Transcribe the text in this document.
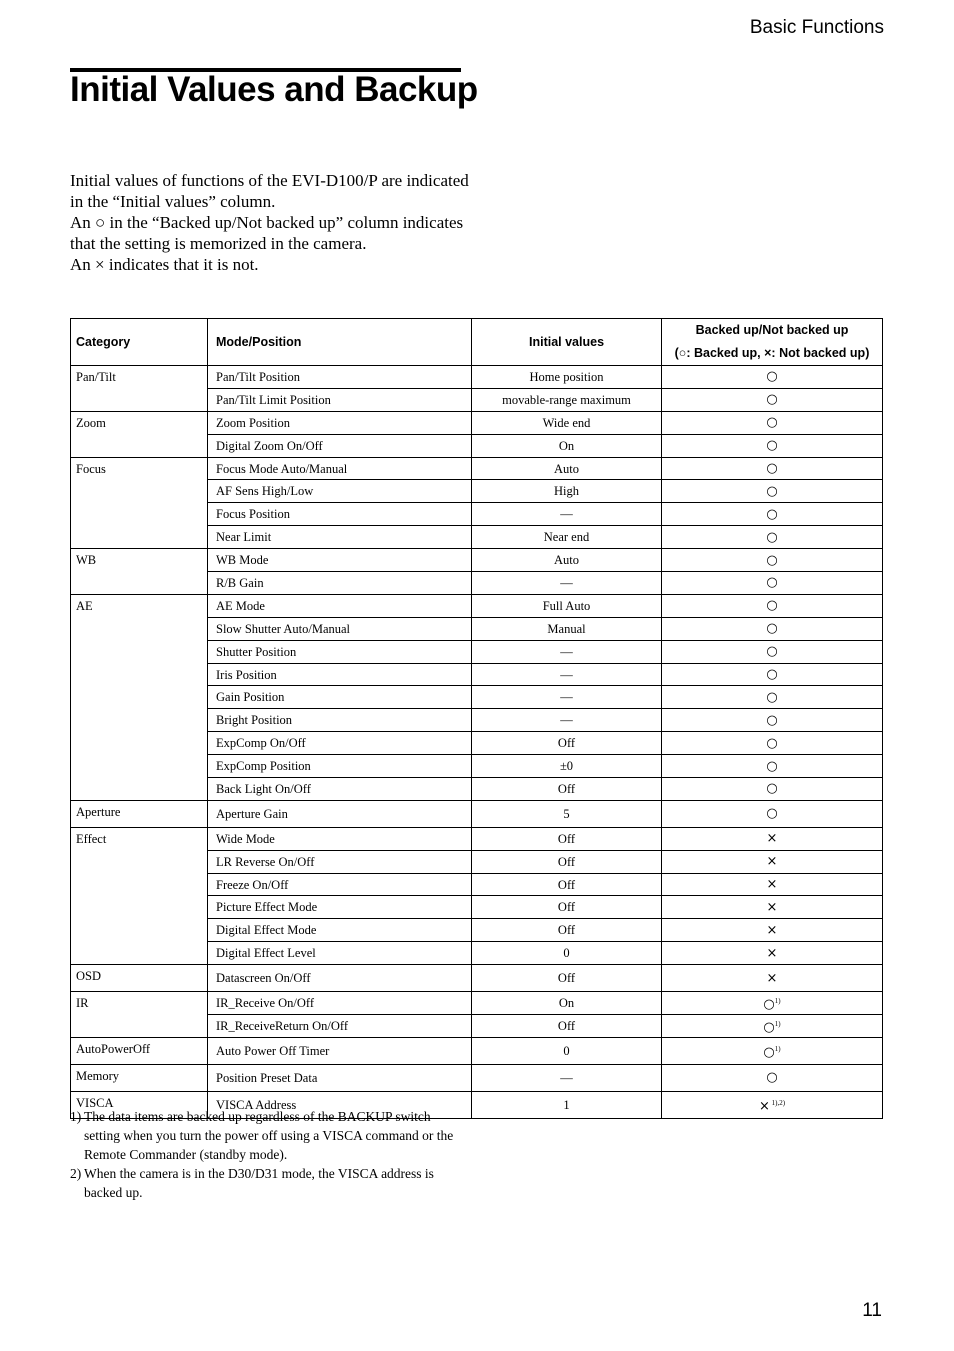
Basic Functions
Initial Values and Backup

Initial values of functions of the EVI-D100/P are indicated in the “Initial values” column.

An ○ in the “Backed up/Not backed up” column indicates that the setting is memorized in the camera.

An × indicates that it is not.

Category	Mode/Position	Initial values	Backed up/Not backed up
(○: Backed up, ×: Not backed up)

Pan/Tilt	Pan/Tilt Position	Home position	○
	Pan/Tilt Limit Position	movable-range maximum	○
Zoom	Zoom Position	Wide end	○
	Digital Zoom On/Off	On	○
Focus	Focus Mode Auto/Manual	Auto	○
	AF Sens High/Low	High	○
	Focus Position	—	○
	Near Limit	Near end	○
WB	WB Mode	Auto	○
	R/B Gain	—	○
AE	AE Mode	Full Auto	○
	Slow Shutter Auto/Manual	Manual	○
	Shutter Position	—	○
	Iris Position	—	○
	Gain Position	—	○
	Bright Position	—	○
	ExpComp On/Off	Off	○
	ExpComp Position	±0	○
	Back Light On/Off	Off	○
Aperture	Aperture Gain	5	○
Effect	Wide Mode	Off	×
	LR Reverse On/Off	Off	×
	Freeze On/Off	Off	×
	Picture Effect Mode	Off	×
	Digital Effect Mode	Off	×
	Digital Effect Level	0	×
OSD	Datascreen On/Off	Off	×
IR	IR_Receive On/Off	On	○$^{1)}$
	IR_ReceiveReturn On/Off	Off	○$^{1)}$
AutoPowerOff	Auto Power Off Timer	0	○$^{1)}$
Memory	Position Preset Data	—	○
VISCA	VISCA Address	1	× $^{1),2)}$
1) The data items are backed up regardless of the BACKUP switch setting when you turn the power off using a VISCA command or the Remote Commander (standby mode).
2) When the camera is in the D30/D31 mode, the VISCA address is backed up.
11
